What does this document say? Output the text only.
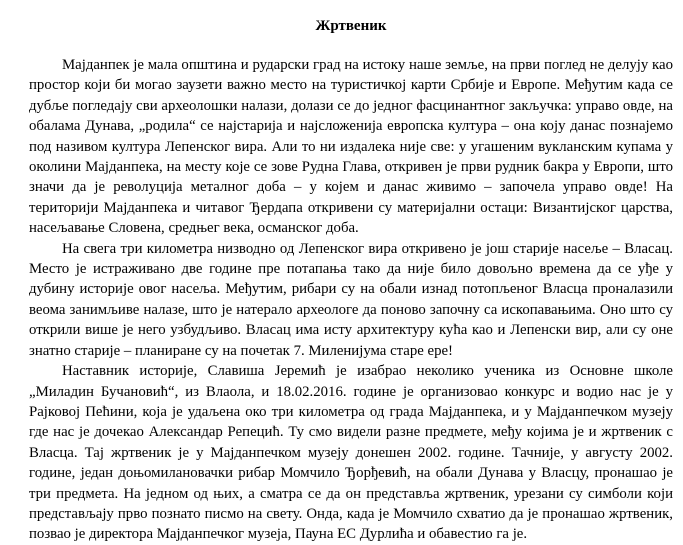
Жртвеник

Мајданпек је мала општина и рударски град на истоку наше земље, на први поглед не делују као простор који би могао заузети важно место на туристичкој карти Србије и Европе. Међутим када се дубље погледају сви археолошки налази, долази се до једног фасцинантног закључка: управо овде, на обалама Дунава, „родила“ се најстарија и најсложенија европска култура – она коју данас познајемо под називом култура Лепенског вира. Али то ни издалека није све: у угашеним вукланским купама у околини Мајданпека, на месту које се зове Рудна Глава, откривен је први рудник бакра у Европи, што значи да је револуција металног доба – у којем и данас живимо – започела управо овде! На територији Мајданпека и читавог Ђердапа откривени су материјални остаци: Византијског царства, насељавање Словена, средњег века, османског доба.

На свега три километра низводно од Лепенског вира откривено је још старије насеље – Власац. Место је истраживано две године пре потапања тако да није било довољно времена да се уђе у дубину историје овог насеља. Међутим, рибари су на обали изнад потопљеног Власца проналазили веома занимљиве налазе, што је натерало археологе да поново започну са ископавањима. Оно што су открили више је него узбудљиво. Власац има исту архитектуру кућа као и Лепенски вир, али су оне знатно старије – планиране су на почетак 7. Миленијума старе ере!

Наставник историје, Славиша Јеремић је изабрао неколико ученика из Основне школе „Миладин Бучановић“, из Влаола, и 18.02.2016. године је организовао конкурс и водио нас је у Рајковој Пећини, која је удаљена око три километра од града Мајданпека, и у Мајданпечком музеју где нас је дочекао Александар Репецић. Ту смо видели разне предмете, међу којима је и жртвеник с Власца. Тај жртвеник је у Мајданпечком музеју донешен 2002. године. Тачније, у августу 2002. године, један доњомилановачки рибар Момчило Ђорђевић, на обали Дунава у Власцу, пронашао је три предмета. На једном од њих, а сматра се да он представља жртвеник, урезани су симболи који представљају прво познато писмо на свету. Онда, када је Момчило схватио да је пронашао жртвеник, позвао је директора Мајданпечког музеја, Пауна ЕС Дурлића и обавестио га је.
